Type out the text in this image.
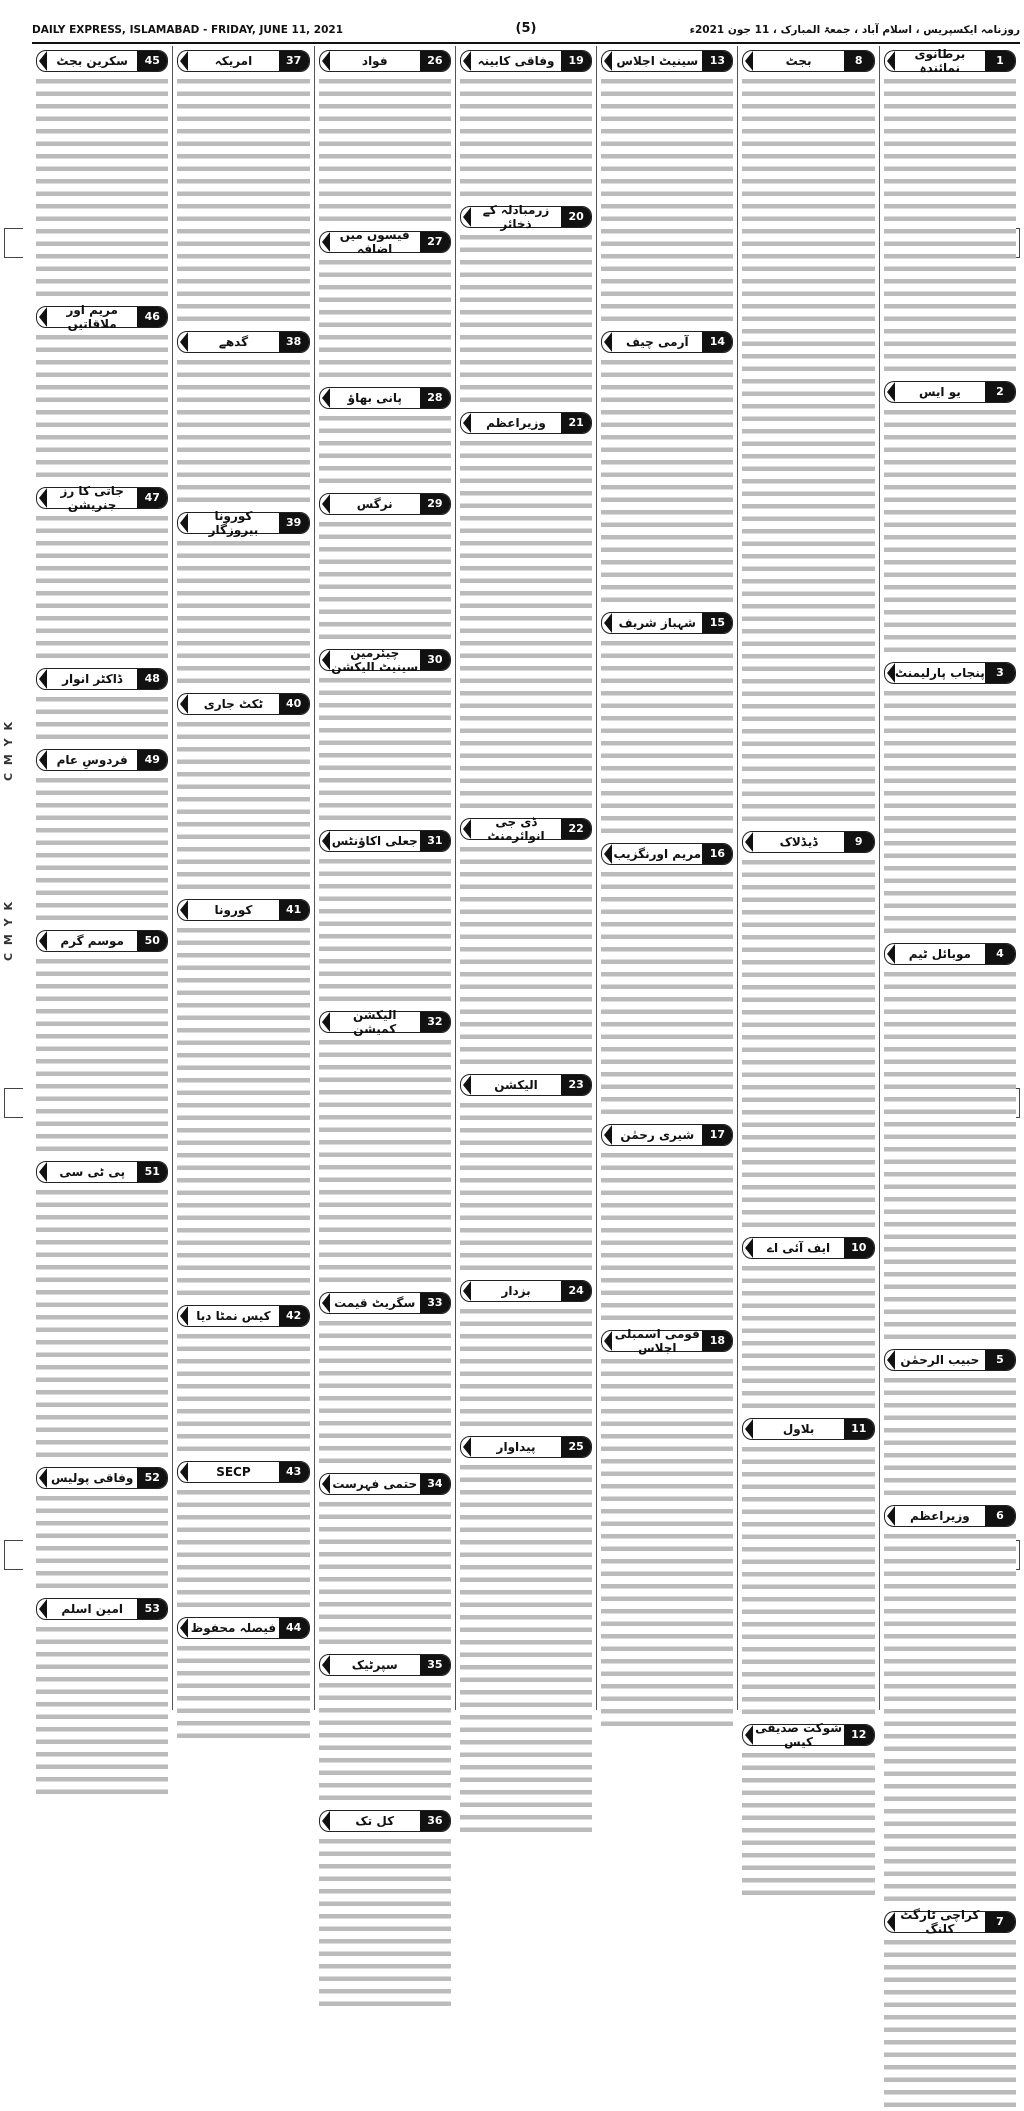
C M Y K
C M Y K
DAILY EXPRESS, ISLAMABAD - FRIDAY, JUNE 11, 2021	(5)	روزنامہ ایکسپریس ، اسلام آباد ، جمعۃ المبارک ، 11 جون 2021ء
1
برطانوی نمائندہ
2
یو ایس
3
پنجاب پارلیمنٹ
4
موبائل ٹیم
5
حبیب الرحمٰن
6
وزیراعظم
7
کراچی ٹارگٹ کلنگ
8
بجٹ
9
ڈیڈلاک
10
ایف آئی اے
11
بلاول
12
شوکت صدیقی کیس
13
سینیٹ اجلاس
14
آرمی چیف
15
شہباز شریف
16
مریم اورنگزیب
17
شیری رحمٰن
18
قومی اسمبلی اجلاس
19
وفاقی کابینہ
20
زرمبادلہ کے ذخائر
21
وزیراعظم
22
ڈی جی انوائرمنٹ
23
الیکشن
24
بزدار
25
پیداوار
26
فواد
27
فیسوں میں اضافہ
28
پانی بھاؤ
29
نرگس
30
چیئرمین سینیٹ الیکشن
31
جعلی اکاؤنٹس
32
الیکشن کمیشن
33
سگریٹ قیمت
34
حتمی فہرست
35
سپرٹیک
36
کل تک
37
امریکہ
38
گدھے
39
کورونا بیروزگار
40
ٹکٹ جاری
41
کورونا
42
کیس نمٹا دیا
43
SECP
44
فیصلہ محفوظ
45
سکرین بجٹ
46
مریم اور ملاقاتیں
47
جاتی کا رز جنریشن
48
ڈاکٹر انوار
49
فردوسِ عام
50
موسم گرم
51
پی ٹی سی
52
وفاقی پولیس
53
امین اسلم
